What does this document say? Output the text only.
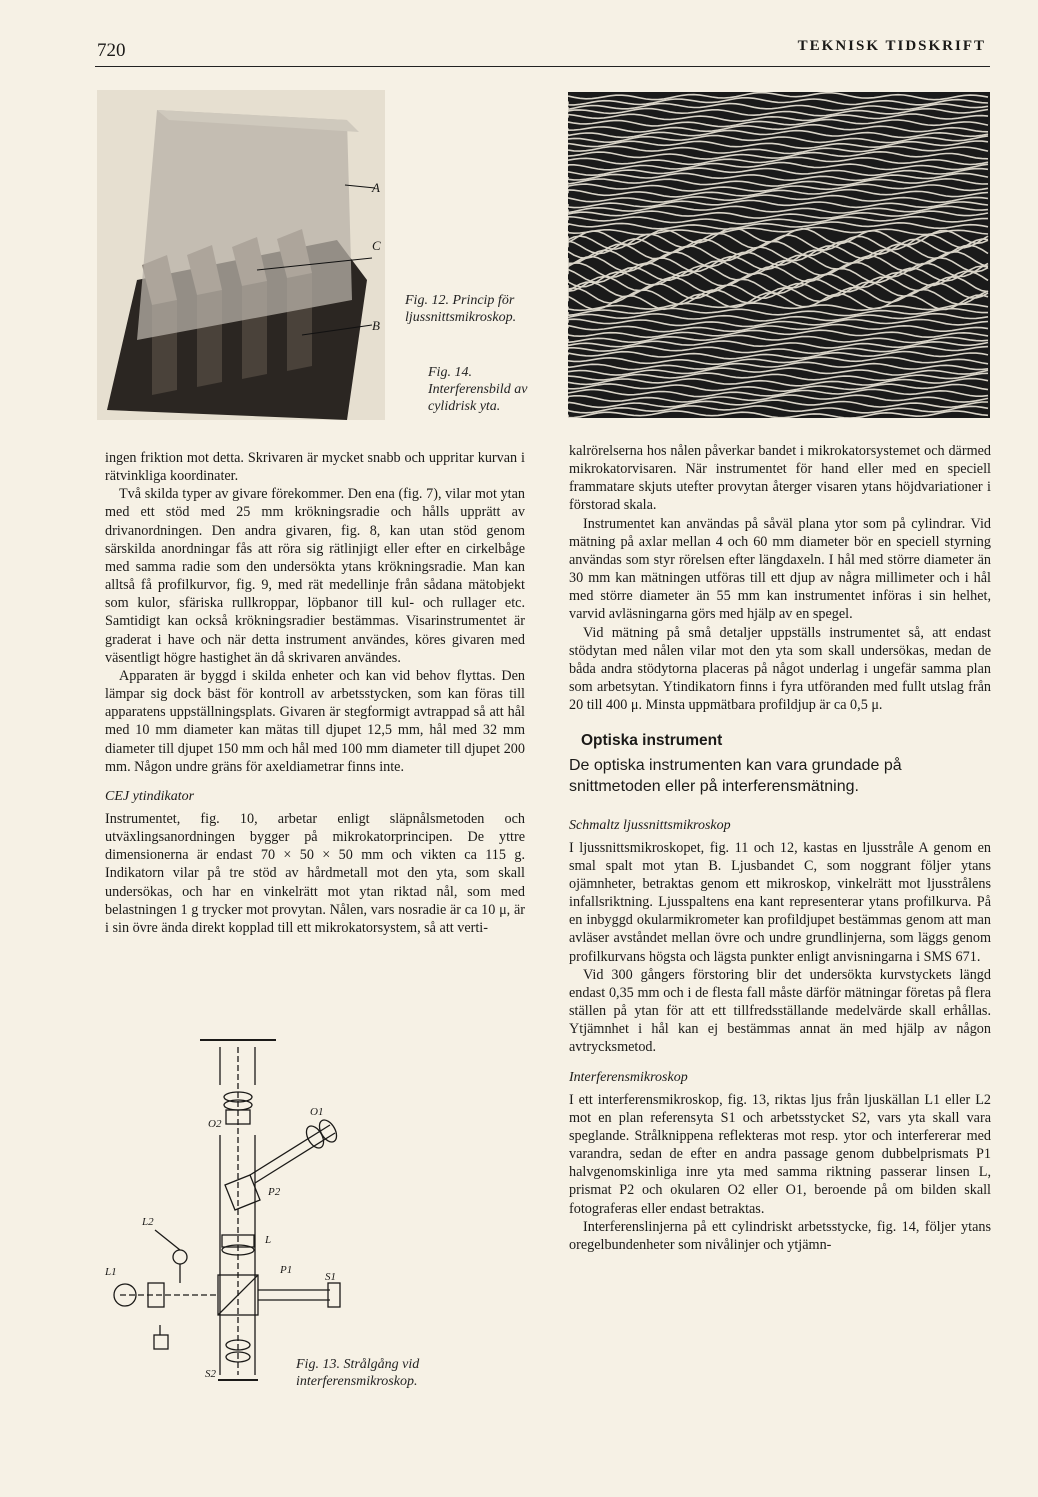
720	TEKNISK TIDSKRIFT
Fig. 12. Princip för ljussnittsmikroskop.
A
C
B
Fig. 14. Interferensbild av cylidrisk yta.

ingen friktion mot detta. Skrivaren är mycket snabb och uppritar kurvan i rätvinkliga koordinater.

Två skilda typer av givare förekommer. Den ena (fig. 7), vilar mot ytan med ett stöd med 25 mm krökningsradie och hålls upprätt av drivanordningen. Den andra givaren, fig. 8, kan utan stöd genom särskilda anordningar fås att röra sig rätlinjigt eller efter en cirkelbåge med samma radie som den undersökta ytans krökningsradie. Man kan alltså få profilkurvor, fig. 9, med rät medellinje från sådana mätobjekt som kulor, sfäriska rullkroppar, löpbanor till kul- och rullager etc. Samtidigt kan också krökningsradier bestämmas. Visarinstrumentet är graderat i have och när detta instrument användes, köres givaren med väsentligt högre hastighet än då skrivaren användes.

Apparaten är byggd i skilda enheter och kan vid behov flyttas. Den lämpar sig dock bäst för kontroll av arbetsstycken, som kan föras till apparatens uppställningsplats. Givaren är stegformigt avtrappad så att hål med 10 mm diameter kan mätas till djupet 12,5 mm, hål med 32 mm diameter till djupet 150 mm och hål med 100 mm diameter till djupet 200 mm. Någon undre gräns för axeldiametrar finns inte.

CEJ ytindikator

Instrumentet, fig. 10, arbetar enligt släpnålsmetoden och utväxlingsanordningen bygger på mikrokatorprincipen. De yttre dimensionerna är endast 70 × 50 × 50 mm och vikten ca 115 g. Indikatorn vilar på tre stöd av hårdmetall mot den yta, som skall undersökas, och har en vinkelrätt mot ytan riktad nål, som med belastningen 1 g trycker mot provytan. Nålen, vars nosradie är ca 10 μ, är i sin övre ända direkt kopplad till ett mikrokatorsystem, så att verti-

O2
O1
P2
L
P1
S1
L2
L1
S2
Fig. 13. Strålgång vid interferensmikroskop.

kalrörelserna hos nålen påverkar bandet i mikrokatorsystemet och därmed mikrokatorvisaren. När instrumentet för hand eller med en speciell frammatare skjuts utefter provytan återger visaren ytans höjdvariationer i förstorad skala.

Instrumentet kan användas på såväl plana ytor som på cylindrar. Vid mätning på axlar mellan 4 och 60 mm diameter bör en speciell styrning användas som styr rörelsen efter längdaxeln. I hål med större diameter än 30 mm kan mätningen utföras till ett djup av några millimeter och i hål med större diameter än 55 mm kan instrumentet införas i sin helhet, varvid avläsningarna görs med hjälp av en spegel.

Vid mätning på små detaljer uppställs instrumentet så, att endast stödytan med nålen vilar mot den yta som skall undersökas, medan de båda andra stödytorna placeras på något underlag i ungefär samma plan som arbetsytan. Ytindikatorn finns i fyra utföranden med fullt utslag från 20 till 400 μ. Minsta uppmätbara profildjup är ca 0,5 μ.

Optiska instrument
De optiska instrumenten kan vara grundade på snittmetoden eller på interferensmätning.
Schmaltz ljussnittsmikroskop

I ljussnittsmikroskopet, fig. 11 och 12, kastas en ljusstråle A genom en smal spalt mot ytan B. Ljusbandet C, som noggrant följer ytans ojämnheter, betraktas genom ett mikroskop, vinkelrätt mot ljusstrålens infallsriktning. Ljusspaltens ena kant representerar ytans profilkurva. På en inbyggd okularmikrometer kan profildjupet bestämmas genom att man avläser avståndet mellan övre och undre grundlinjerna, som läggs genom profilkurvans högsta och lägsta punkter enligt anvisningarna i SMS 671.

Vid 300 gångers förstoring blir det undersökta kurvstyckets längd endast 0,35 mm och i de flesta fall måste därför mätningar företas på flera ställen på ytan för att ett tillfredsställande medelvärde skall erhållas. Ytjämnhet i hål kan ej bestämmas annat än med hjälp av någon avtrycksmetod.

Interferensmikroskop

I ett interferensmikroskop, fig. 13, riktas ljus från ljuskällan L1 eller L2 mot en plan referensyta S1 och arbetsstycket S2, vars yta skall vara speglande. Strålknippena reflekteras mot resp. ytor och interfererar med varandra, sedan de efter en andra passage genom dubbelprismats P1 halvgenomskinliga inre yta med samma riktning passerar linsen L, prismat P2 och okularen O2 eller O1, beroende på om bilden skall fotograferas eller endast betraktas.

Interferenslinjerna på ett cylindriskt arbetsstycke, fig. 14, följer ytans oregelbundenheter som nivålinjer och ytjämn-
